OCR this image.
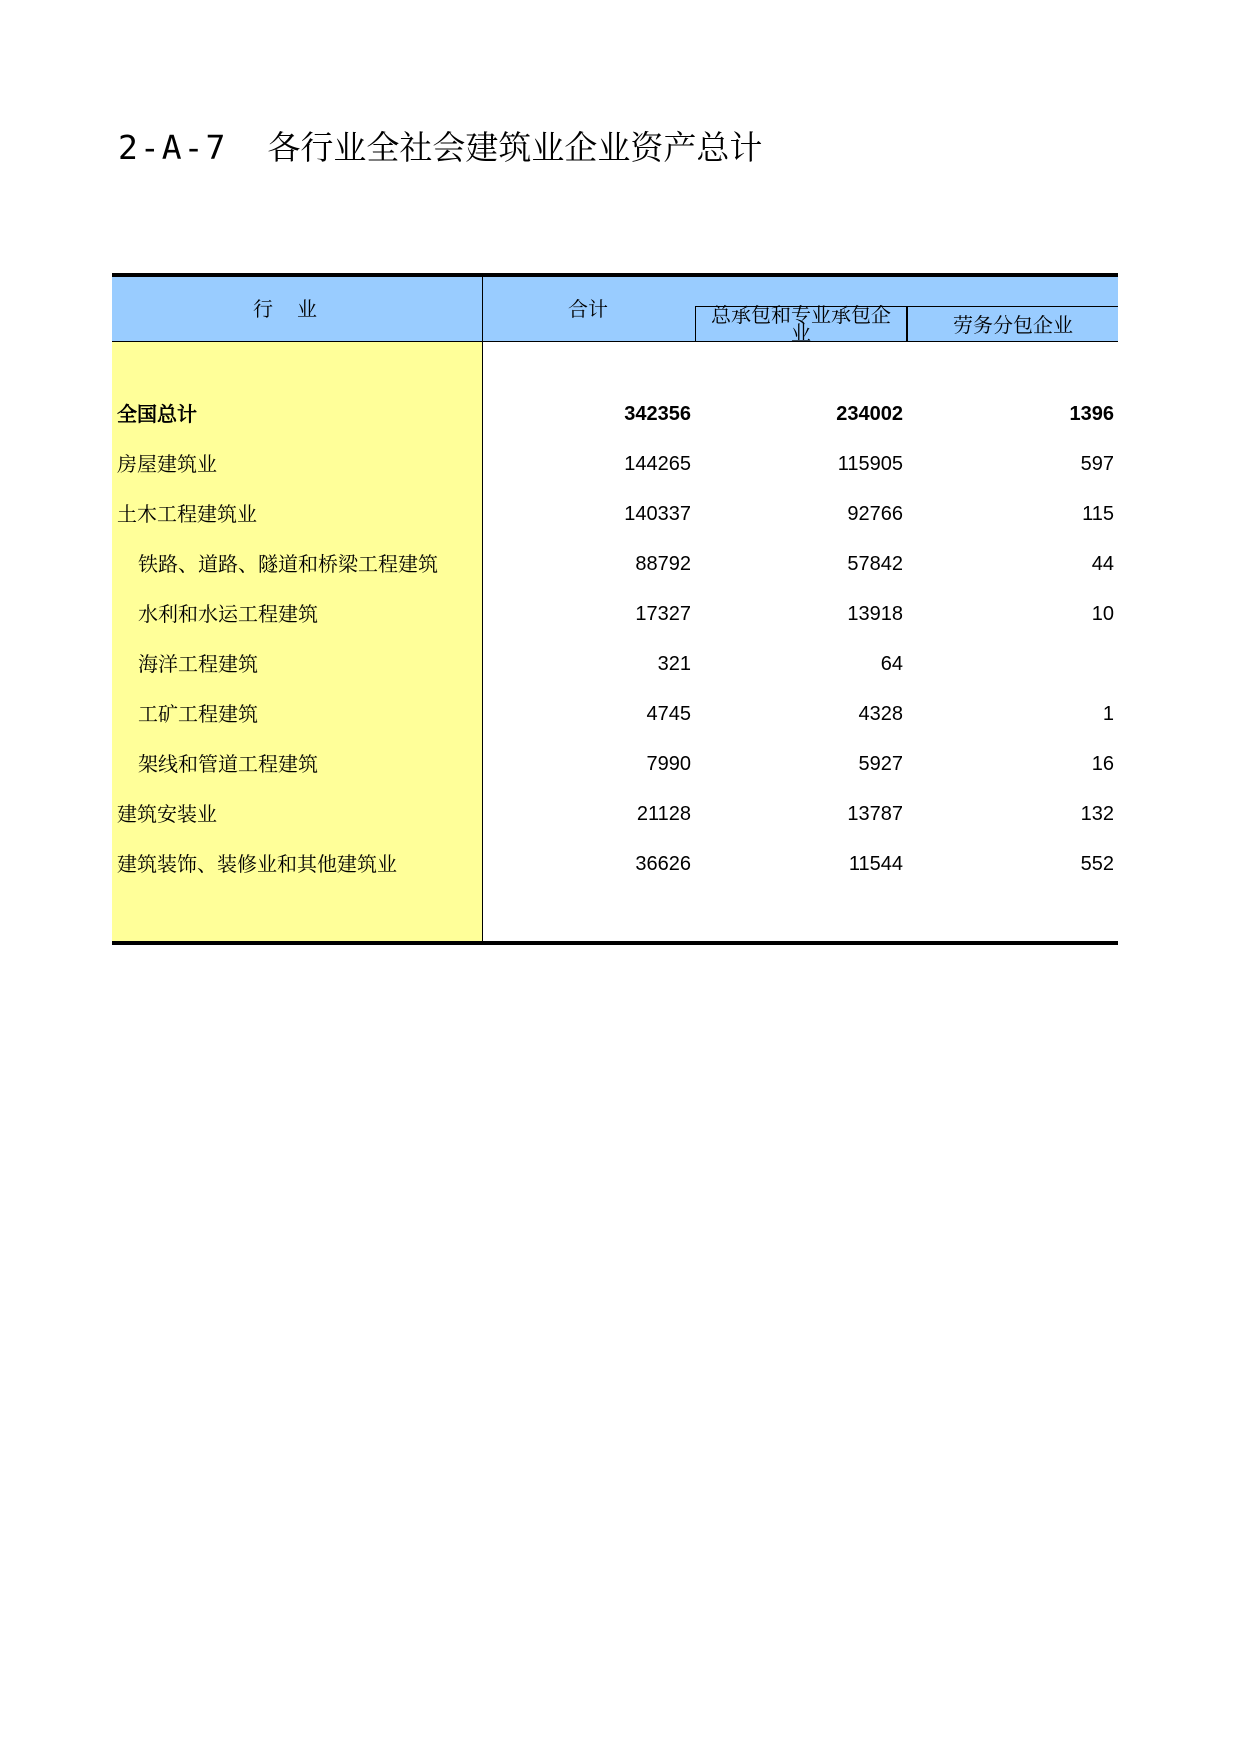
2-A-7 各行业全社会建筑业企业资产总计
行业	合计	总承包和专业承包企业	劳务分包企业
全国总计	342356	234002	1396
房屋建筑业	144265	115905	597
土木工程建筑业	140337	92766	115
铁路、道路、隧道和桥梁工程建筑	88792	57842	44
水利和水运工程建筑	17327	13918	10
海洋工程建筑	321	64
工矿工程建筑	4745	4328	1
架线和管道工程建筑	7990	5927	16
建筑安装业	21128	13787	132
建筑装饰、装修业和其他建筑业	36626	11544	552
